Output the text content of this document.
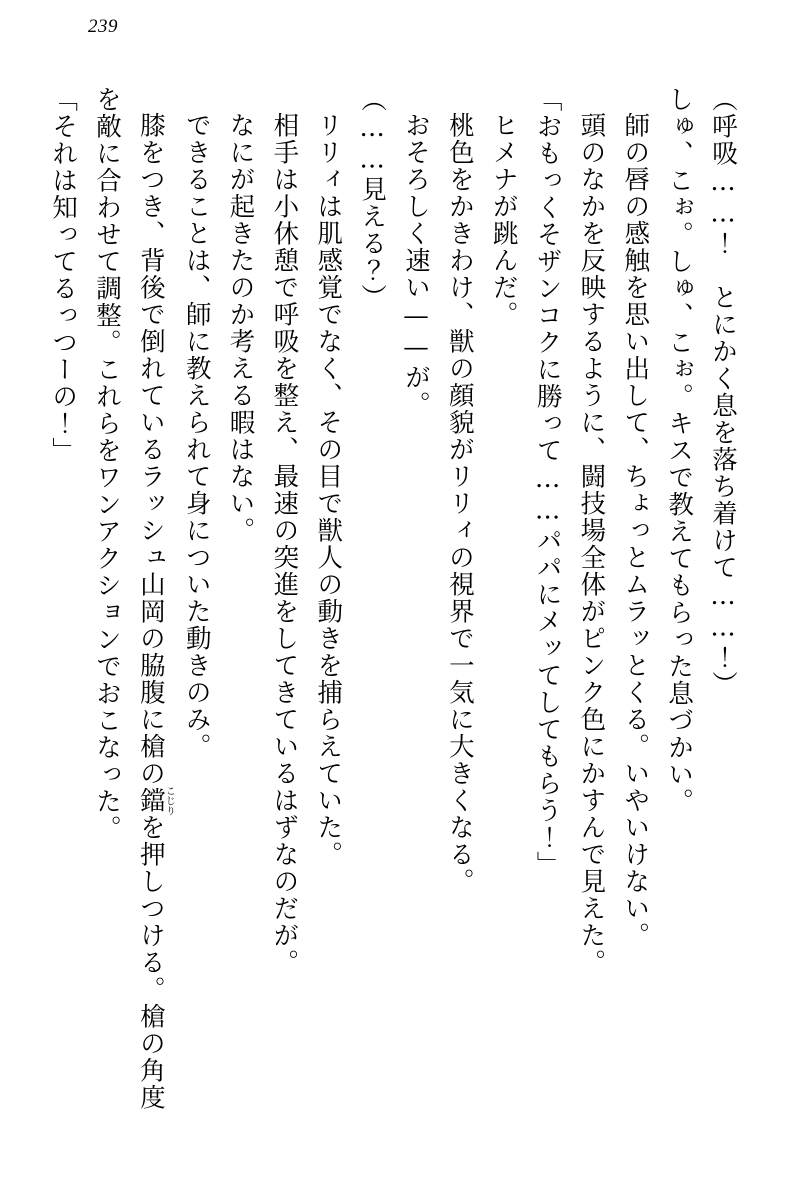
239

（呼吸……！　とにかく息を落ち着けて……！）

しゅ、こぉ。しゅ、こぉ。キスで教えてもらった息づかい。

師の唇の感触を思い出して、ちょっとムラッとくる。いやいけない。

頭のなかを反映するように、闘技場全体がピンク色にかすんで見えた。

「おもっくそザンコクに勝って……パパにメッてしてもらう！」

ヒメナが跳んだ。

桃色をかきわけ、獣の顔貌がリリィの視界で一気に大きくなる。

おそろしく速い——が。

（……見える？）

リリィは肌感覚でなく、その目で獣人の動きを捕らえていた。

相手は小休憩で呼吸を整え、最速の突進をしてきているはずなのだが。

なにが起きたのか考える暇はない。

できることは、師に教えられて身についた動きのみ。

膝をつき、背後で倒れているラッシュ山岡の脇腹に槍の鐺こじりを押しつける。槍の角度

を敵に合わせて調整。これらをワンアクションでおこなった。

「それは知ってるっつーの！」
